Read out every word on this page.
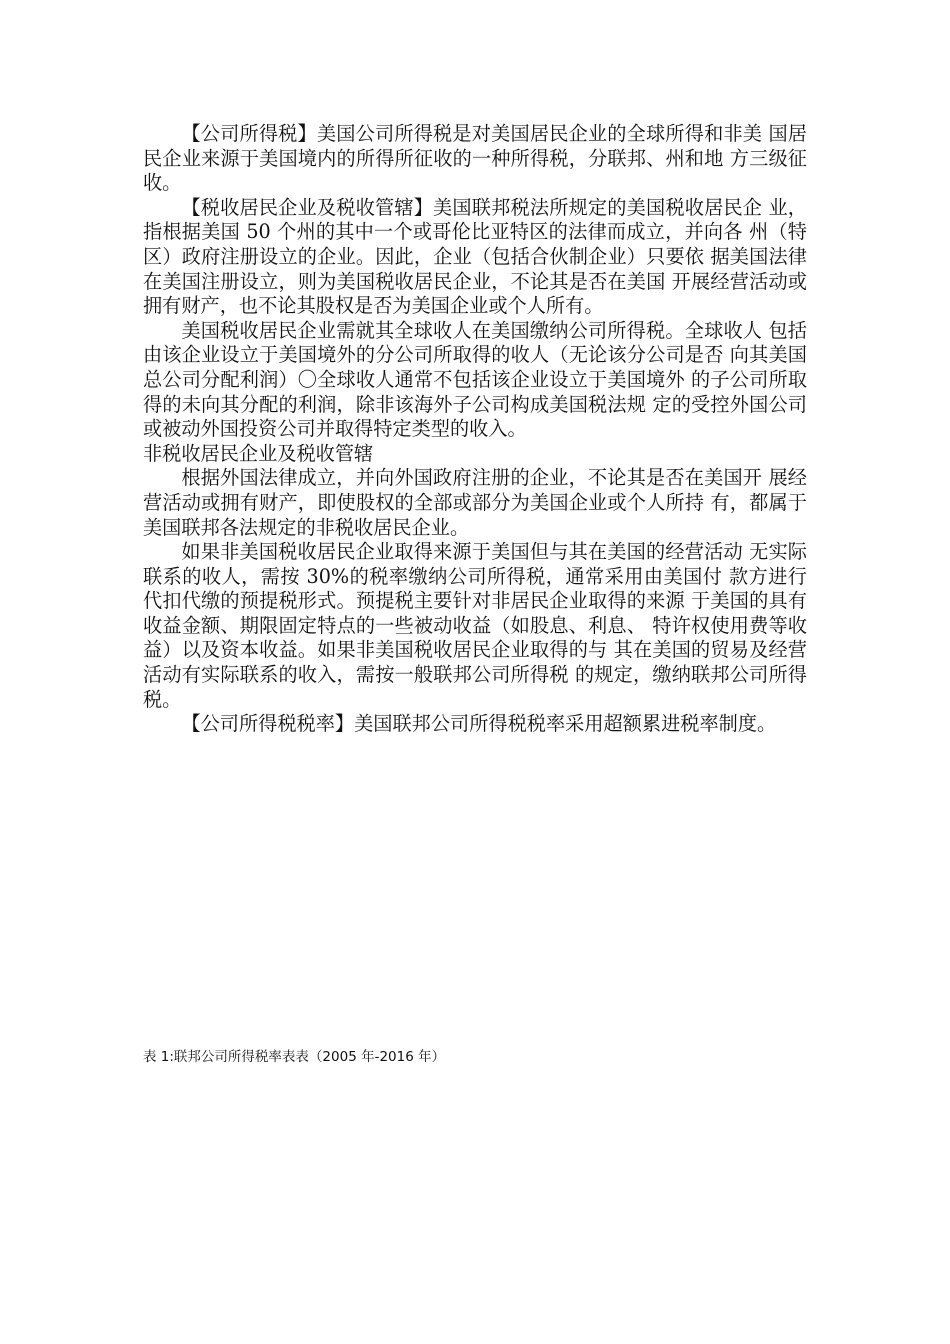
【公司所得税】美国公司所得税是对美国居民企业的全球所得和非美 国居民企业来源于美国境内的所得所征收的一种所得税，分联邦、州和地 方三级征收。

【税收居民企业及税收管辖】美国联邦税法所规定的美国税收居民企 业，指根据美国 50 个州的其中一个或哥伦比亚特区的法律而成立，并向各 州（特区）政府注册设立的企业。因此，企业（包括合伙制企业）只要依 据美国法律在美国注册设立，则为美国税收居民企业，不论其是否在美国 开展经营活动或拥有财产，也不论其股权是否为美国企业或个人所有。

美国税收居民企业需就其全球收人在美国缴纳公司所得税。全球收人 包括由该企业设立于美国境外的分公司所取得的收人（无论该分公司是否 向其美国总公司分配利润）〇全球收人通常不包括该企业设立于美国境外 的子公司所取得的未向其分配的利润，除非该海外子公司构成美国税法规 定的受控外国公司或被动外国投资公司并取得特定类型的收入。

非税收居民企业及税收管辖

根据外国法律成立，并向外国政府注册的企业，不论其是否在美国开 展经营活动或拥有财产，即使股权的全部或部分为美国企业或个人所持 有，都属于美国联邦各法规定的非税收居民企业。

如果非美国税收居民企业取得来源于美国但与其在美国的经营活动 无实际联系的收人，需按 30%的税率缴纳公司所得税，通常采用由美国付 款方进行代扣代缴的预提税形式。预提税主要针对非居民企业取得的来源 于美国的具有收益金额、期限固定特点的一些被动收益（如股息、利息、 特许权使用费等收益）以及资本收益。如果非美国税收居民企业取得的与 其在美国的贸易及经营活动有实际联系的收入，需按一般联邦公司所得税 的规定，缴纳联邦公司所得税。

【公司所得税税率】美国联邦公司所得税税率采用超额累进税率制度。

表 1:联邦公司所得税率表表（2005 年-2016 年）
